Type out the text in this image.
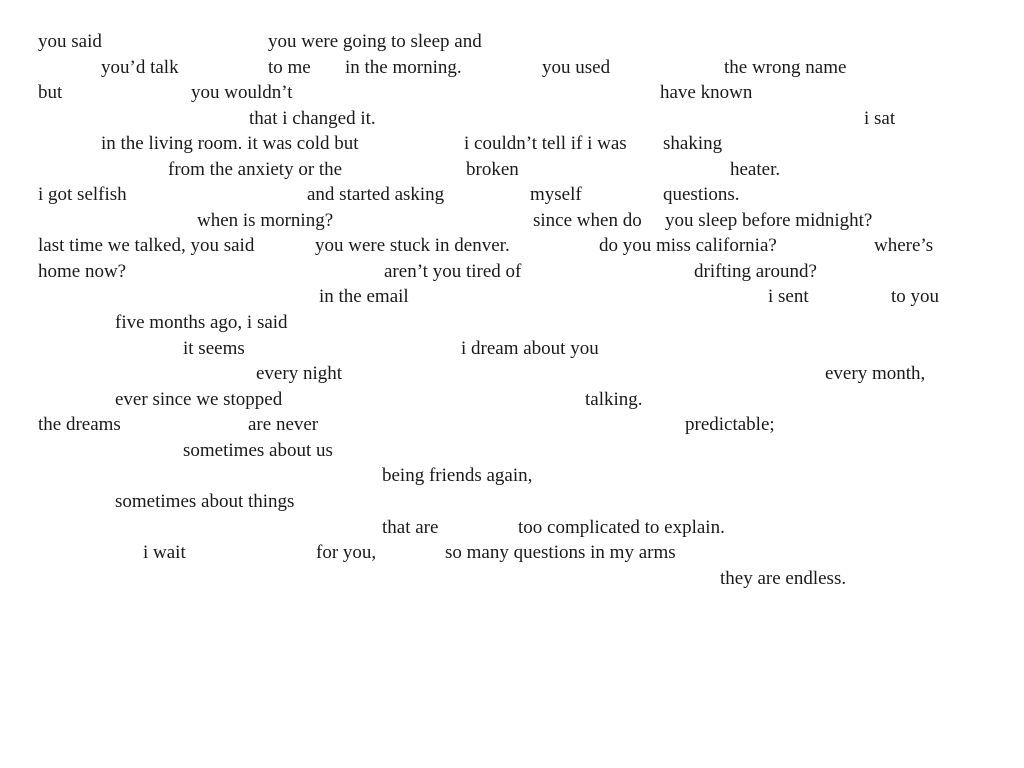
you said	you were going to sleep and
you’d talk	to me in the morning.	you used	the wrong name
but	you wouldn’t	have known
that i changed it.	i sat
in the living room. it was cold but	i couldn’t tell if i was shaking
from the anxiety or the	broken	heater.
i got selfish	and started asking	myself	questions.
when is morning?	since when do you sleep before midnight?
last time we talked, you said	you were stuck in denver.	do you miss california?	where’s
home now?	aren’t you tired of	drifting around?
in the email	i sent	to you
five months ago, i said
it seems	i dream about you
every night	every month,
ever since we stopped	talking.
the dreams	are never	predictable;
sometimes about us
being friends again,
sometimes about things
that are	too complicated to explain.
i wait	for you,	so many questions in my arms
they are endless.
